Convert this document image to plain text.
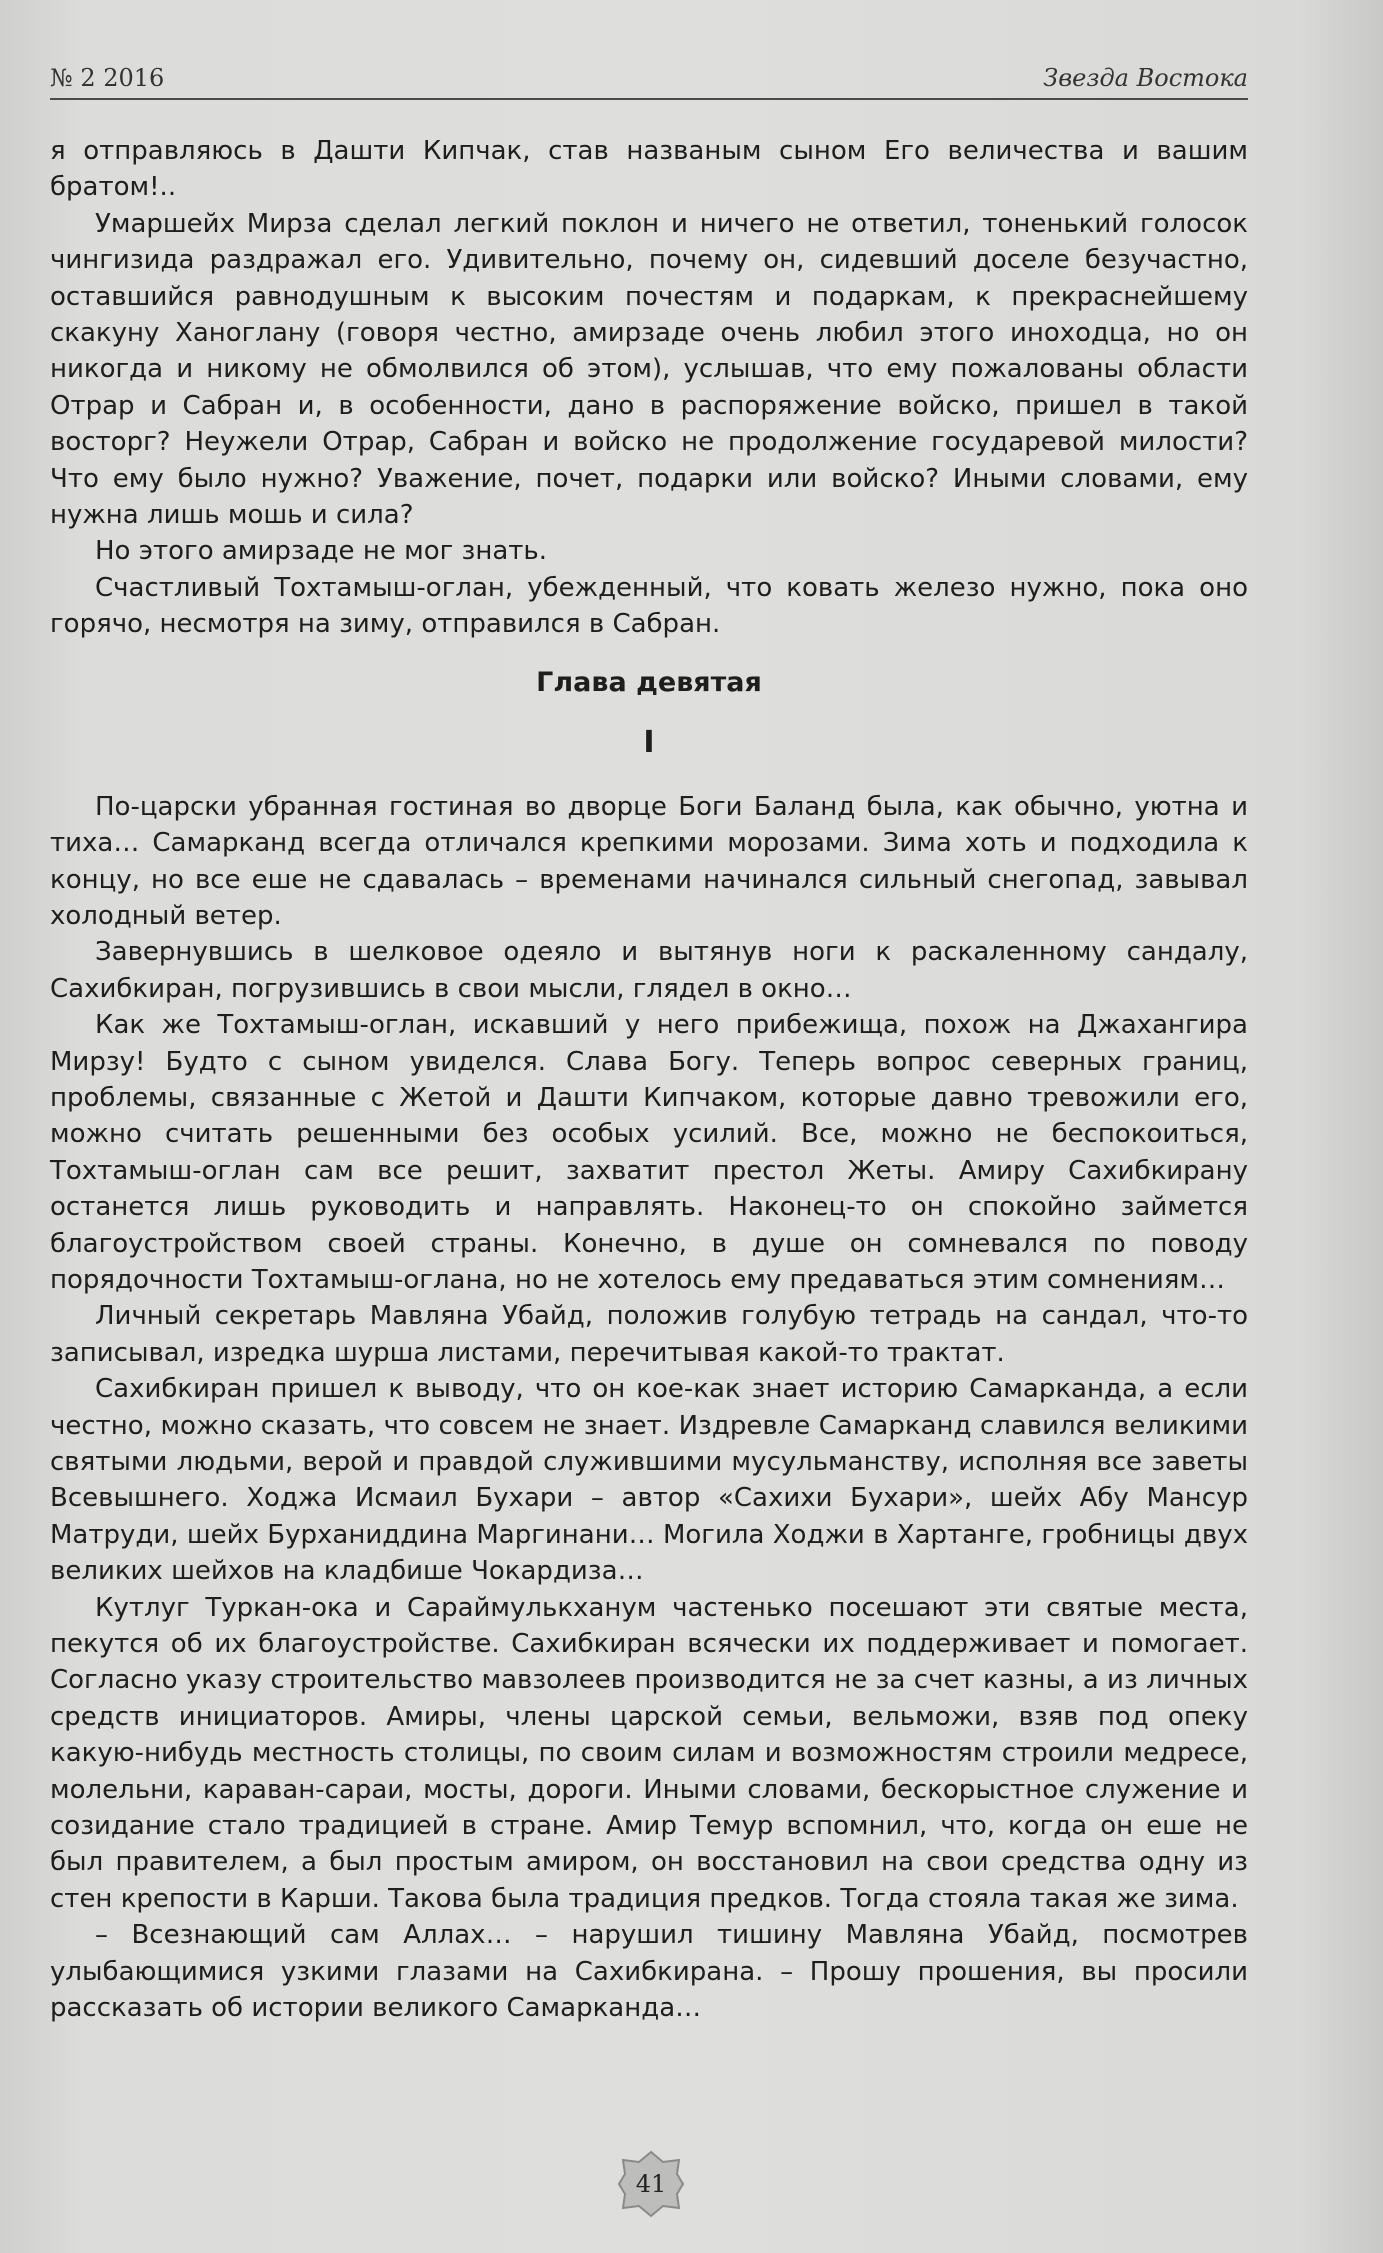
№ 2 2016	Звезда Востока

я отправляюсь в Дашти Кипчак, став названым сыном Его величества и вашим братом!..

Умаршейх Мирза сделал легкий поклон и ничего не ответил, тоненький голосок чингизида раздражал его. Удивительно, почему он, сидевший доселе безучастно, оставшийся равнодушным к высоким почестям и подаркам, к прекраснейшему скакуну Ханоглану (говоря честно, амирзаде очень любил этого иноходца, но он никогда и никому не обмолвился об этом), услышав, что ему пожалованы области Отрар и Сабран и, в особенности, дано в распоряжение войско, пришел в такой восторг? Неужели Отрар, Сабран и войско не продолжение государевой милости? Что ему было нужно? Уважение, почет, подарки или войско? Иными словами, ему нужна лишь мошь и сила?

Но этого амирзаде не мог знать.

Счастливый Тохтамыш-оглан, убежденный, что ковать железо нужно, пока оно горячо, несмотря на зиму, отправился в Сабран.

Глава девятая
I

По-царски убранная гостиная во дворце Боги Баланд была, как обычно, уютна и тиха… Самарканд всегда отличался крепкими морозами. Зима хоть и подходила к концу, но все еше не сдавалась – временами начинался сильный снегопад, завывал холодный ветер.

Завернувшись в шелковое одеяло и вытянув ноги к раскаленному сандалу, Сахибкиран, погрузившись в свои мысли, глядел в окно…

Как же Тохтамыш-оглан, искавший у него прибежища, похож на Джахангира Мирзу! Будто с сыном увиделся. Слава Богу. Теперь вопрос северных границ, проблемы, связанные с Жетой и Дашти Кипчаком, которые давно тревожили его, можно считать решенными без особых усилий. Все, можно не беспокоиться, Тохтамыш-оглан сам все решит, захватит престол Жеты. Амиру Сахибкирану останется лишь руководить и направлять. Наконец-то он спокойно займется благоустройством своей страны. Конечно, в душе он сомневался по поводу порядочности Тохтамыш-оглана, но не хотелось ему предаваться этим сомнениям…

Личный секретарь Мавляна Убайд, положив голубую тетрадь на сандал, что-то записывал, изредка шурша листами, перечитывая какой-то трактат.

Сахибкиран пришел к выводу, что он кое-как знает историю Самарканда, а если честно, можно сказать, что совсем не знает. Издревле Самарканд славился великими святыми людьми, верой и правдой служившими мусульманству, исполняя все заветы Всевышнего. Ходжа Исмаил Бухари – автор «Сахихи Бухари», шейх Абу Мансур Матруди, шейх Бурханиддина Маргинани… Могила Ходжи в Хартанге, гробницы двух великих шейхов на кладбише Чокардиза…

Кутлуг Туркан-ока и Сараймулькханум частенько посешают эти святые места, пекутся об их благоустройстве. Сахибкиран всячески их поддерживает и помогает. Согласно указу строительство мавзолеев производится не за счет казны, а из личных средств инициаторов. Амиры, члены царской семьи, вельможи, взяв под опеку какую-нибудь местность столицы, по своим силам и возможностям строили медресе, молельни, караван-сараи, мосты, дороги. Иными словами, бескорыстное служение и созидание стало традицией в стране. Амир Темур вспомнил, что, когда он еше не был правителем, а был простым амиром, он восстановил на свои средства одну из стен крепости в Карши. Такова была традиция предков. Тогда стояла такая же зима.

– Всезнающий сам Аллах… – нарушил тишину Мавляна Убайд, посмотрев улыбающимися узкими глазами на Сахибкирана. – Прошу прошения, вы просили рассказать об истории великого Самарканда…

41
